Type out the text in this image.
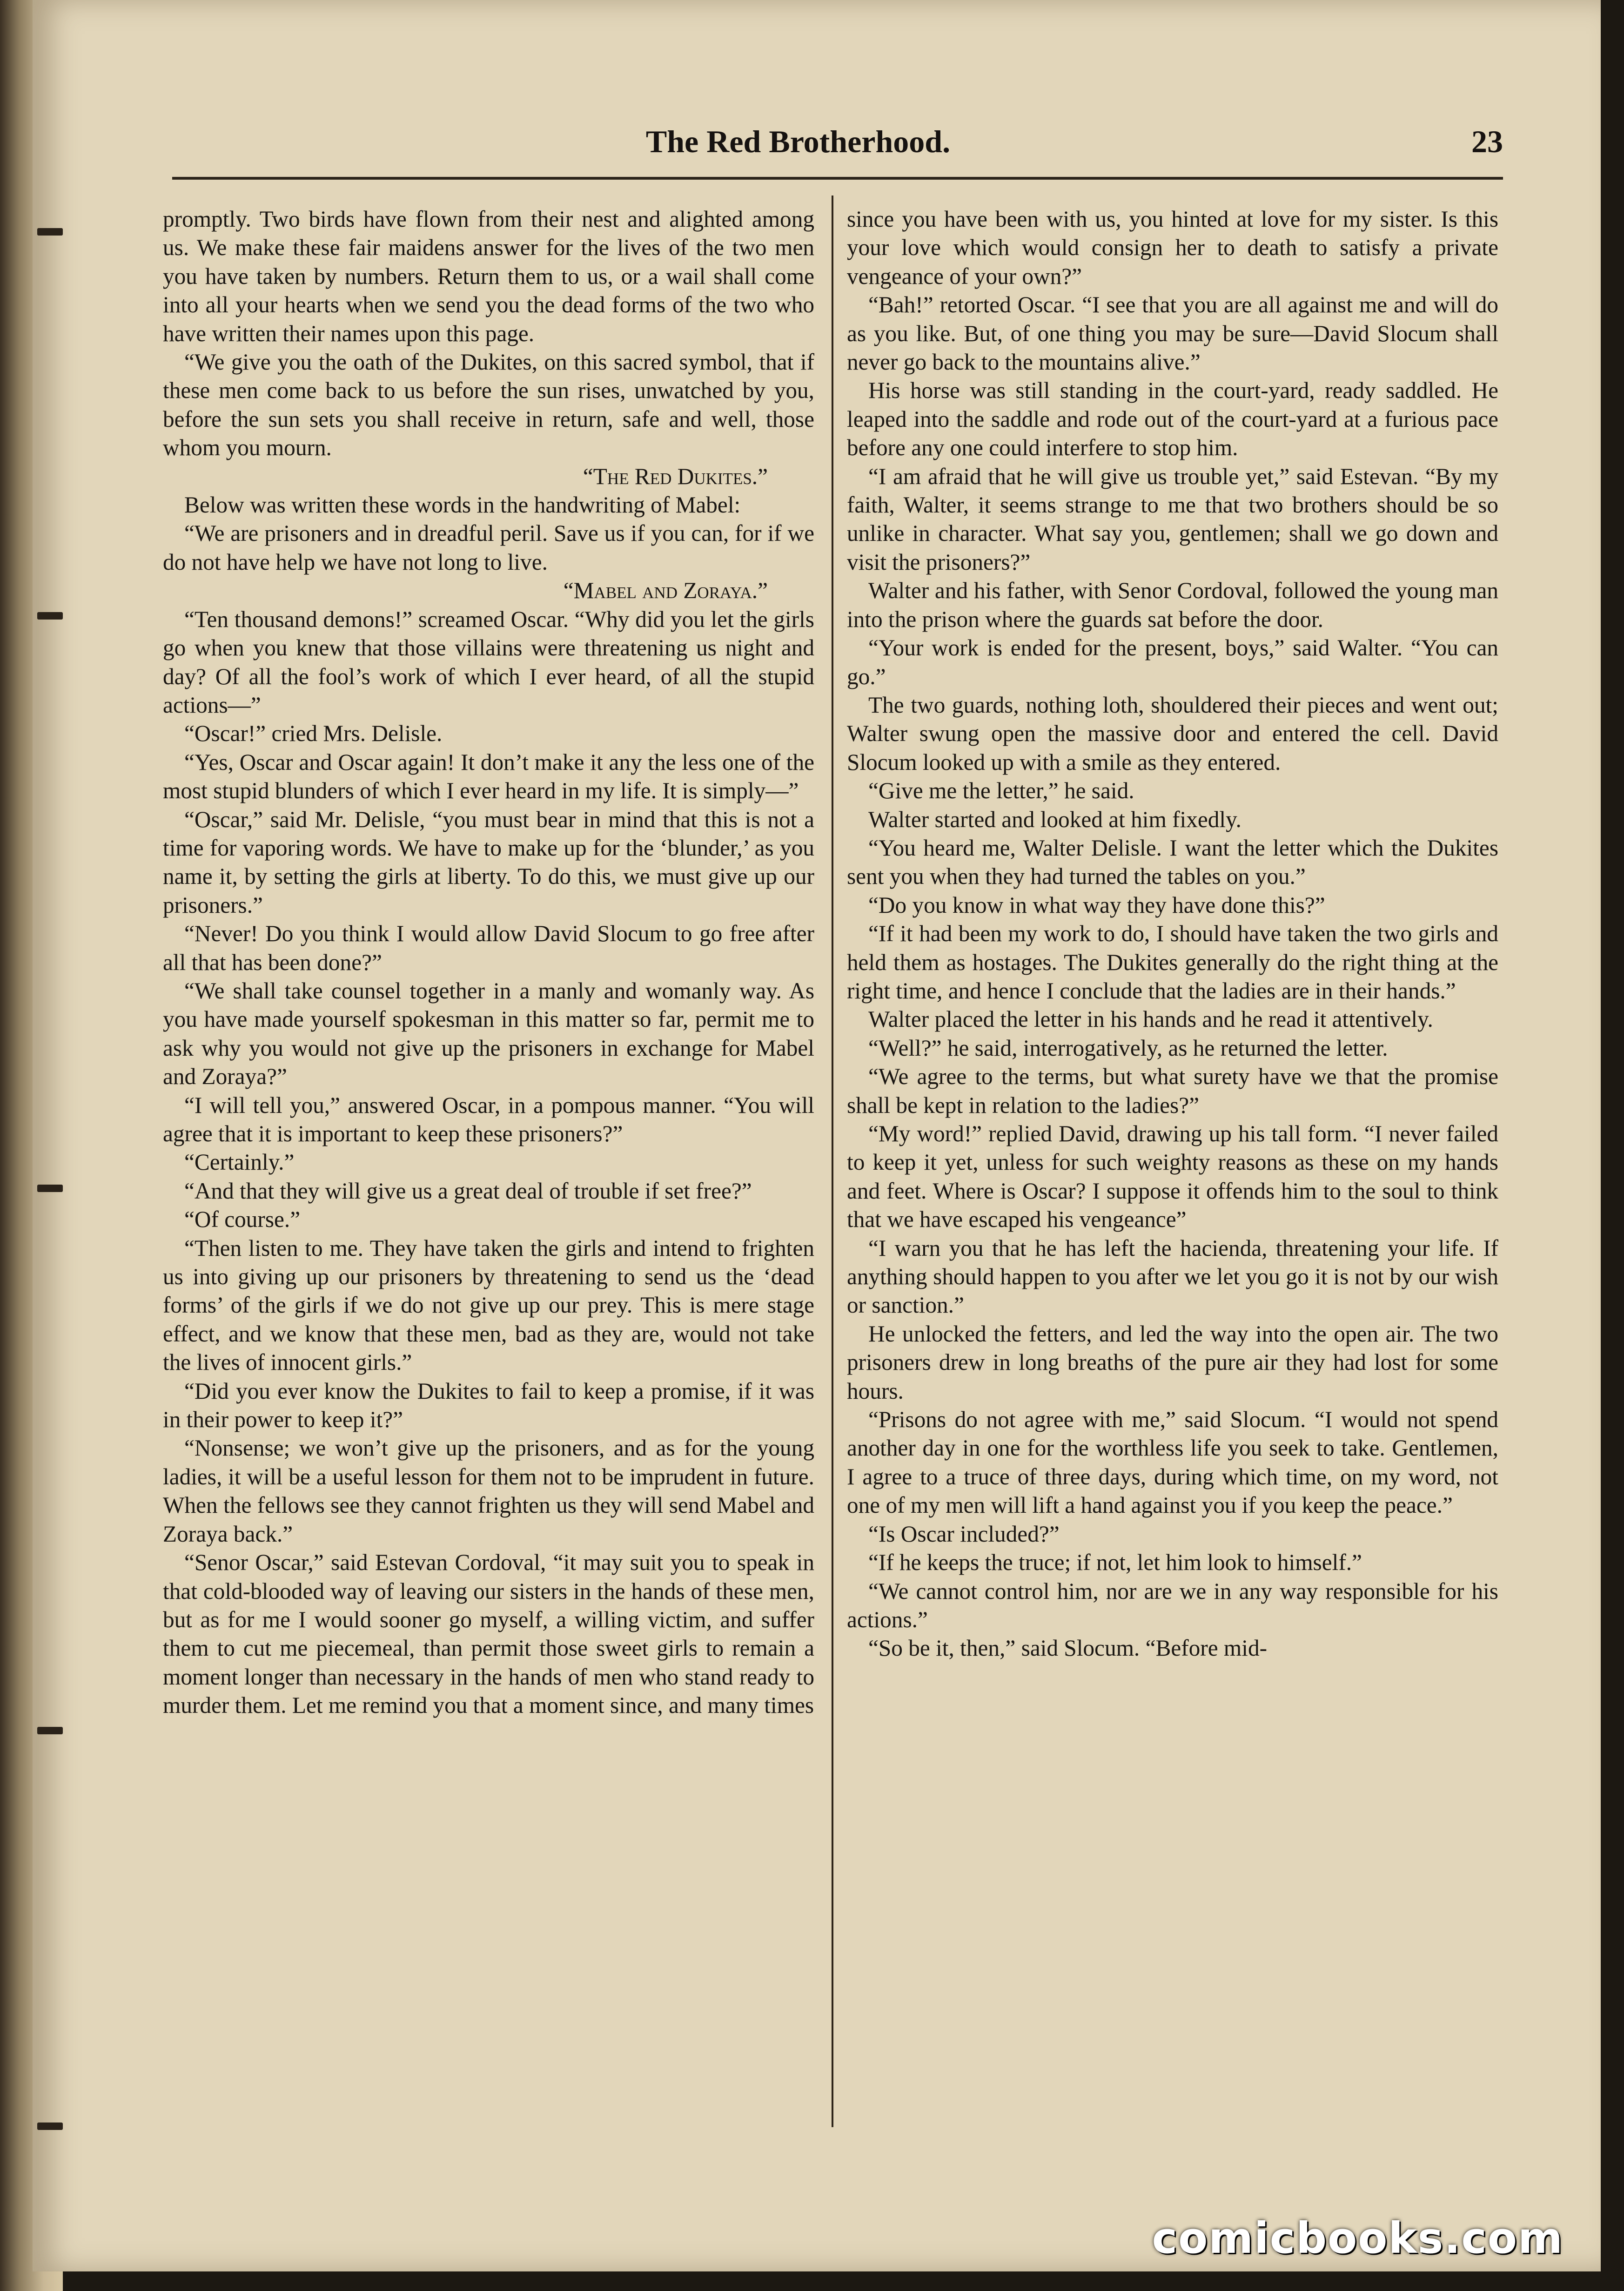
The Red Brotherhood.	23

promptly. Two birds have flown from their nest and alighted among us. We make these fair maidens answer for the lives of the two men you have taken by numbers. Return them to us, or a wail shall come into all your hearts when we send you the dead forms of the two who have written their names upon this page.

“We give you the oath of the Dukites, on this sacred symbol, that if these men come back to us before the sun rises, unwatched by you, before the sun sets you shall receive in return, safe and well, those whom you mourn.

“The Red Dukites.”

Below was written these words in the handwriting of Mabel:

“We are prisoners and in dreadful peril. Save us if you can, for if we do not have help we have not long to live.

“Mabel and Zoraya.”

“Ten thousand demons!” screamed Oscar. “Why did you let the girls go when you knew that those villains were threatening us night and day? Of all the fool’s work of which I ever heard, of all the stupid actions—”

“Oscar!” cried Mrs. Delisle.

“Yes, Oscar and Oscar again! It don’t make it any the less one of the most stupid blunders of which I ever heard in my life. It is simply—”

“Oscar,” said Mr. Delisle, “you must bear in mind that this is not a time for vaporing words. We have to make up for the ‘blunder,’ as you name it, by setting the girls at liberty. To do this, we must give up our prisoners.”

“Never! Do you think I would allow David Slocum to go free after all that has been done?”

“We shall take counsel together in a manly and womanly way. As you have made yourself spokesman in this matter so far, permit me to ask why you would not give up the prisoners in exchange for Mabel and Zoraya?”

“I will tell you,” answered Oscar, in a pompous manner. “You will agree that it is important to keep these prisoners?”

“Certainly.”

“And that they will give us a great deal of trouble if set free?”

“Of course.”

“Then listen to me. They have taken the girls and intend to frighten us into giving up our prisoners by threatening to send us the ‘dead forms’ of the girls if we do not give up our prey. This is mere stage effect, and we know that these men, bad as they are, would not take the lives of innocent girls.”

“Did you ever know the Dukites to fail to keep a promise, if it was in their power to keep it?”

“Nonsense; we won’t give up the prisoners, and as for the young ladies, it will be a useful lesson for them not to be imprudent in future. When the fellows see they cannot frighten us they will send Mabel and Zoraya back.”

“Senor Oscar,” said Estevan Cordoval, “it may suit you to speak in that cold-blooded way of leaving our sisters in the hands of these men, but as for me I would sooner go myself, a willing victim, and suffer them to cut me piecemeal, than permit those sweet girls to remain a moment longer than necessary in the hands of men who stand ready to murder them. Let me remind you that a moment since, and many times

since you have been with us, you hinted at love for my sister. Is this your love which would consign her to death to satisfy a private vengeance of your own?”

“Bah!” retorted Oscar. “I see that you are all against me and will do as you like. But, of one thing you may be sure—David Slocum shall never go back to the mountains alive.”

His horse was still standing in the court-yard, ready saddled. He leaped into the saddle and rode out of the court-yard at a furious pace before any one could interfere to stop him.

“I am afraid that he will give us trouble yet,” said Estevan. “By my faith, Walter, it seems strange to me that two brothers should be so unlike in character. What say you, gentlemen; shall we go down and visit the prisoners?”

Walter and his father, with Senor Cordoval, followed the young man into the prison where the guards sat before the door.

“Your work is ended for the present, boys,” said Walter. “You can go.”

The two guards, nothing loth, shouldered their pieces and went out; Walter swung open the massive door and entered the cell. David Slocum looked up with a smile as they entered.

“Give me the letter,” he said.

Walter started and looked at him fixedly.

“You heard me, Walter Delisle. I want the letter which the Dukites sent you when they had turned the tables on you.”

“Do you know in what way they have done this?”

“If it had been my work to do, I should have taken the two girls and held them as hostages. The Dukites generally do the right thing at the right time, and hence I conclude that the ladies are in their hands.”

Walter placed the letter in his hands and he read it attentively.

“Well?” he said, interrogatively, as he returned the letter.

“We agree to the terms, but what surety have we that the promise shall be kept in relation to the ladies?”

“My word!” replied David, drawing up his tall form. “I never failed to keep it yet, unless for such weighty reasons as these on my hands and feet. Where is Oscar? I suppose it offends him to the soul to think that we have escaped his vengeance”

“I warn you that he has left the hacienda, threatening your life. If anything should happen to you after we let you go it is not by our wish or sanction.”

He unlocked the fetters, and led the way into the open air. The two prisoners drew in long breaths of the pure air they had lost for some hours.

“Prisons do not agree with me,” said Slocum. “I would not spend another day in one for the worthless life you seek to take. Gentlemen, I agree to a truce of three days, during which time, on my word, not one of my men will lift a hand against you if you keep the peace.”

“Is Oscar included?”

“If he keeps the truce; if not, let him look to himself.”

“We cannot control him, nor are we in any way responsible for his actions.”

“So be it, then,” said Slocum. “Before mid-

comicbooks.com
